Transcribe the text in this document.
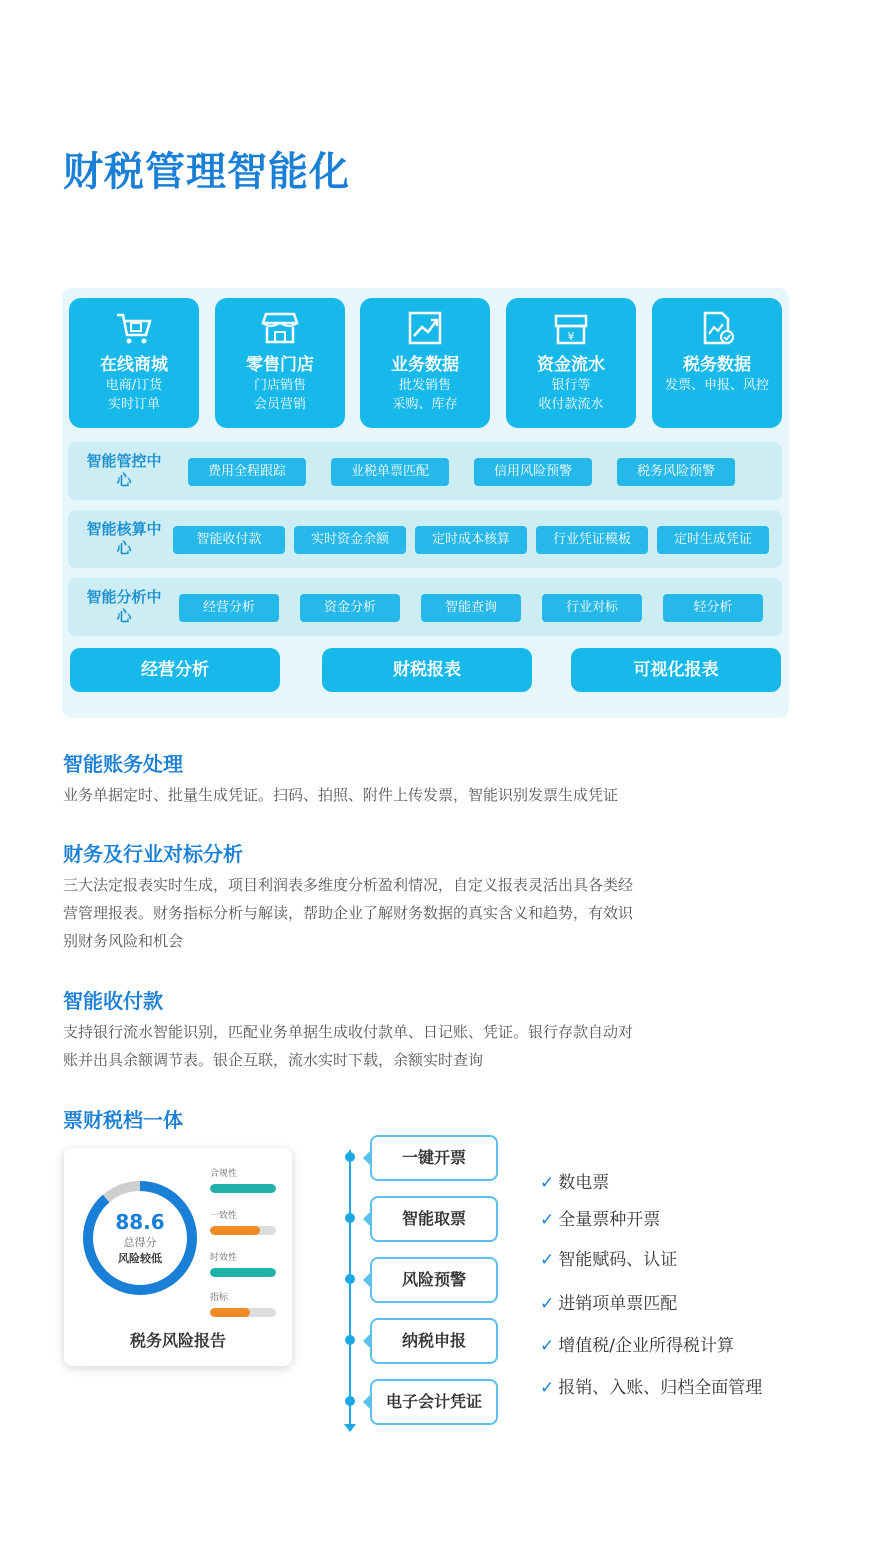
财税管理智能化
在线商城
电商/订货
实时订单
零售门店
门店销售
会员营销
业务数据
批发销售
采购、库存
¥
资金流水
银行等
收付款流水
税务数据
发票、申报、风控
智能管控中心	费用全程跟踪	业税单票匹配	信用风险预警	税务风险预警
智能核算中心	智能收付款	实时资金余额	定时成本核算	行业凭证模板	定时生成凭证
智能分析中心	经营分析	资金分析	智能查询	行业对标	轻分析
经营分析	财税报表	可视化报表
智能账务处理
业务单据定时、批量生成凭证。扫码、拍照、附件上传发票，智能识别发票生成凭证
财务及行业对标分析
三大法定报表实时生成，项目利润表多维度分析盈利情况，自定义报表灵活出具各类经
营管理报表。财务指标分析与解读，帮助企业了解财务数据的真实含义和趋势，有效识
别财务风险和机会
智能收付款
支持银行流水智能识别，匹配业务单据生成收付款单、日记账、凭证。银行存款自动对
账并出具余额调节表。银企互联，流水实时下载，余额实时查询
票财税档一体
88.6
总得分
风险较低
合规性
一致性
时效性
指标
税务风险报告
一键开票
智能取票
风险预警
纳税申报
电子会计凭证
✓ 数电票
✓ 全量票种开票
✓ 智能赋码、认证
✓ 进销项单票匹配
✓ 增值税/企业所得税计算
✓ 报销、入账、归档全面管理
